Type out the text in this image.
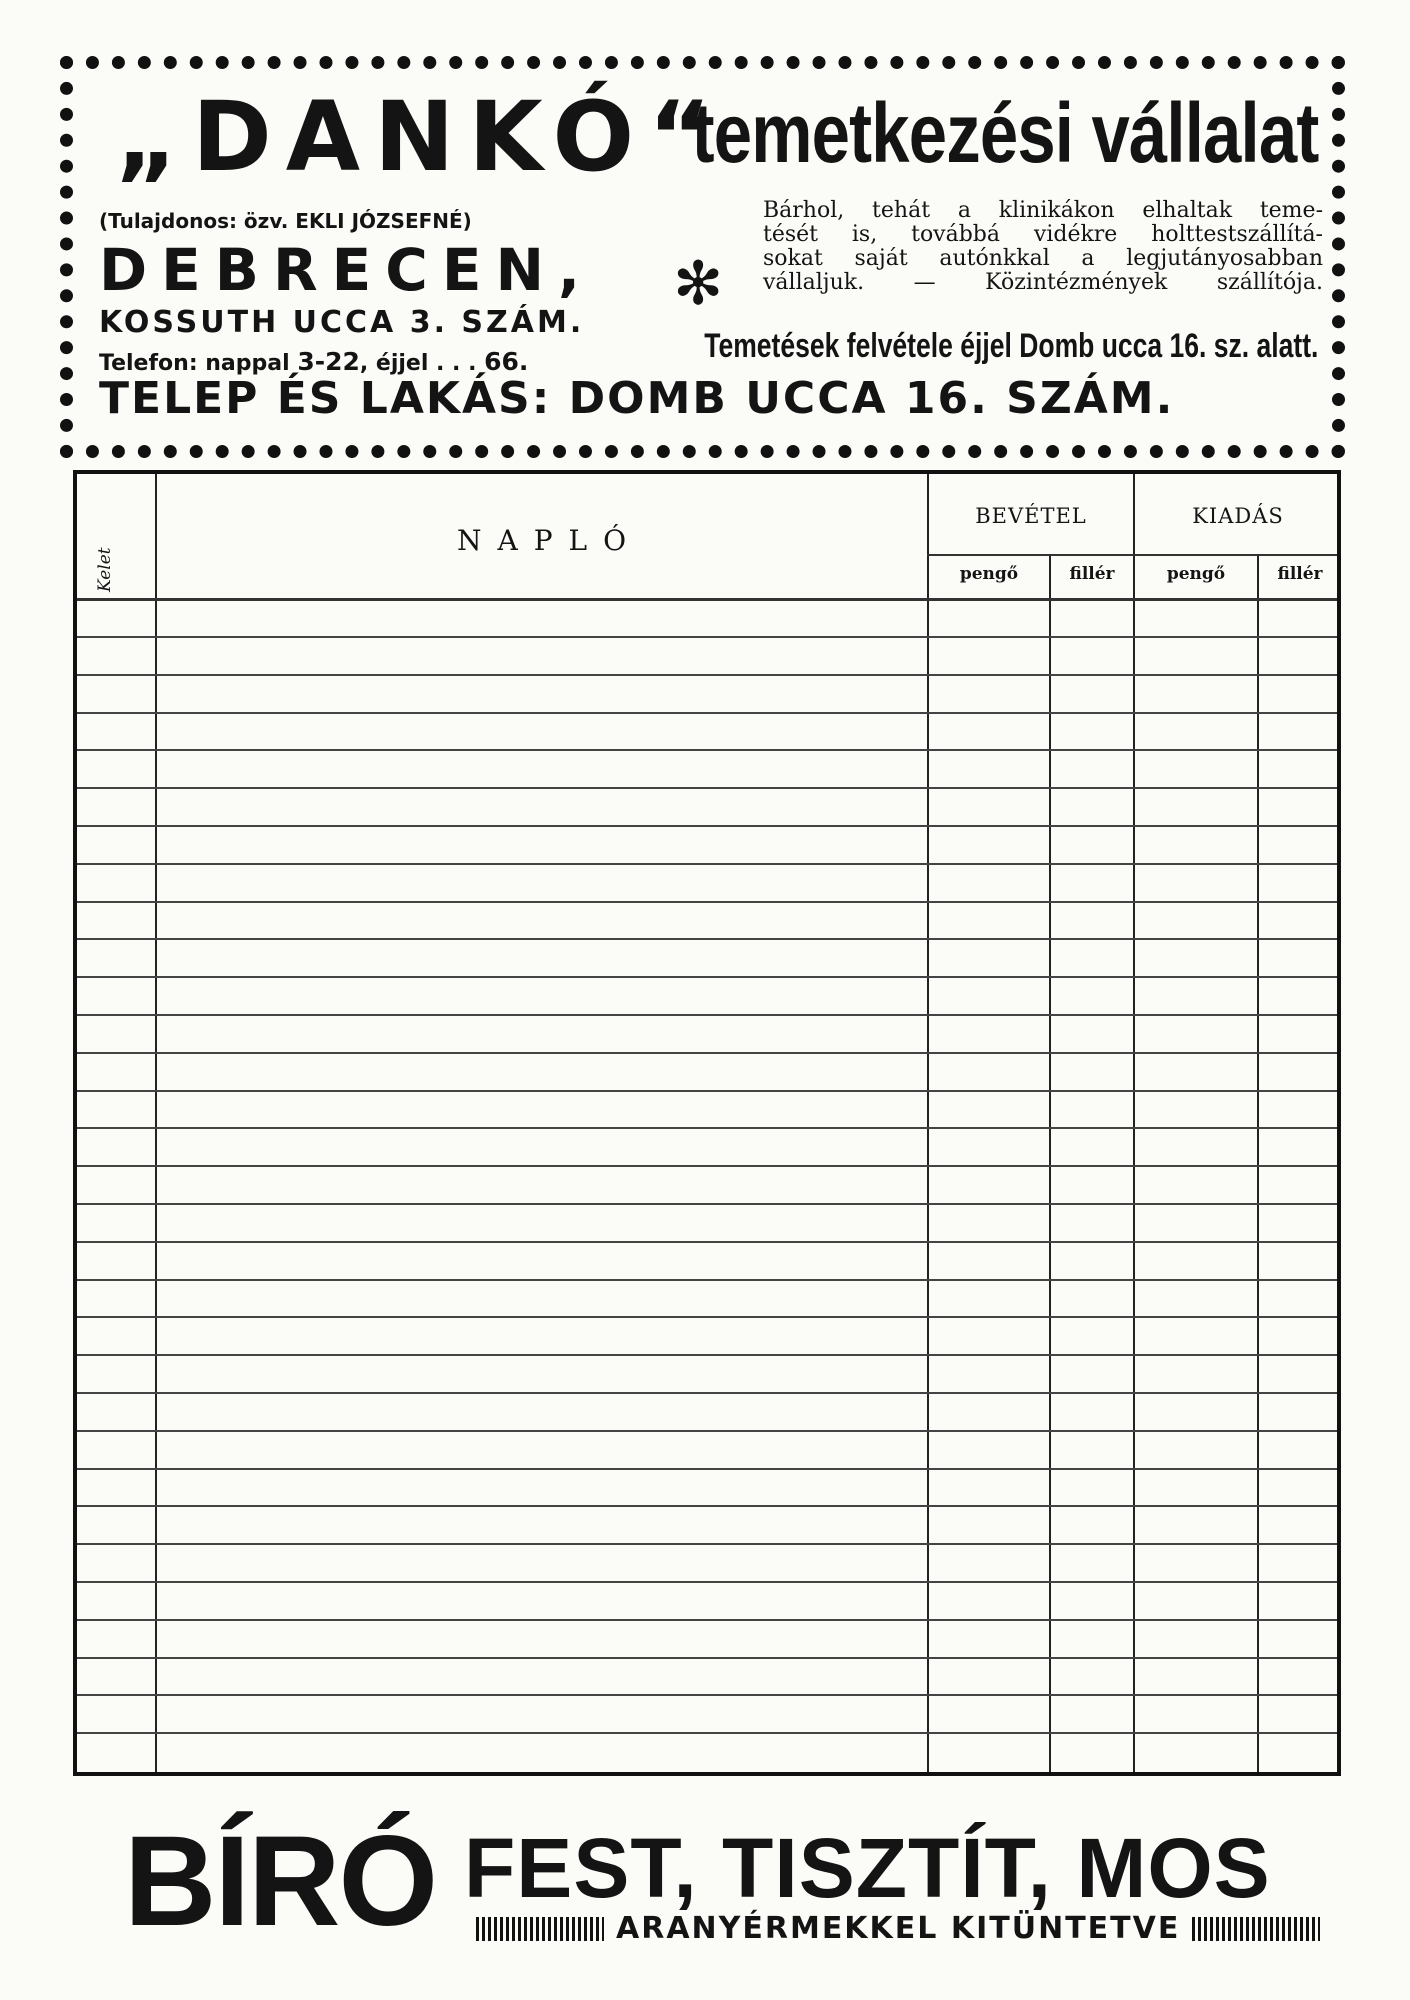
„DANKÓ“
temetkezési vállalat
(Tulajdonos: özv. EKLI JÓZSEFNÉ)
DEBRECEN,
KOSSUTH UCCA 3. SZÁM.
Telefon: nappal 3-22, éjjel . . . 66.
✻
Bárhol, tehát a klinikákon elhaltak teme-
tését is, továbbá vidékre holttestszállítá-
sokat saját autónkkal a legjutányosabban
vállaljuk. — Közintézmények szállítója.
Temetések felvétele éjjel Domb ucca 16. sz. alatt.
TELEP ÉS LAKÁS: DOMB UCCA 16. SZÁM.
Kelet
NAPLÓ
BEVÉTEL	KIADÁS
pengő	fillér	pengő	fillér
BÍRÓ FEST, TISZTÍT, MOS
ARANYÉRMEKKEL KITÜNTETVE
